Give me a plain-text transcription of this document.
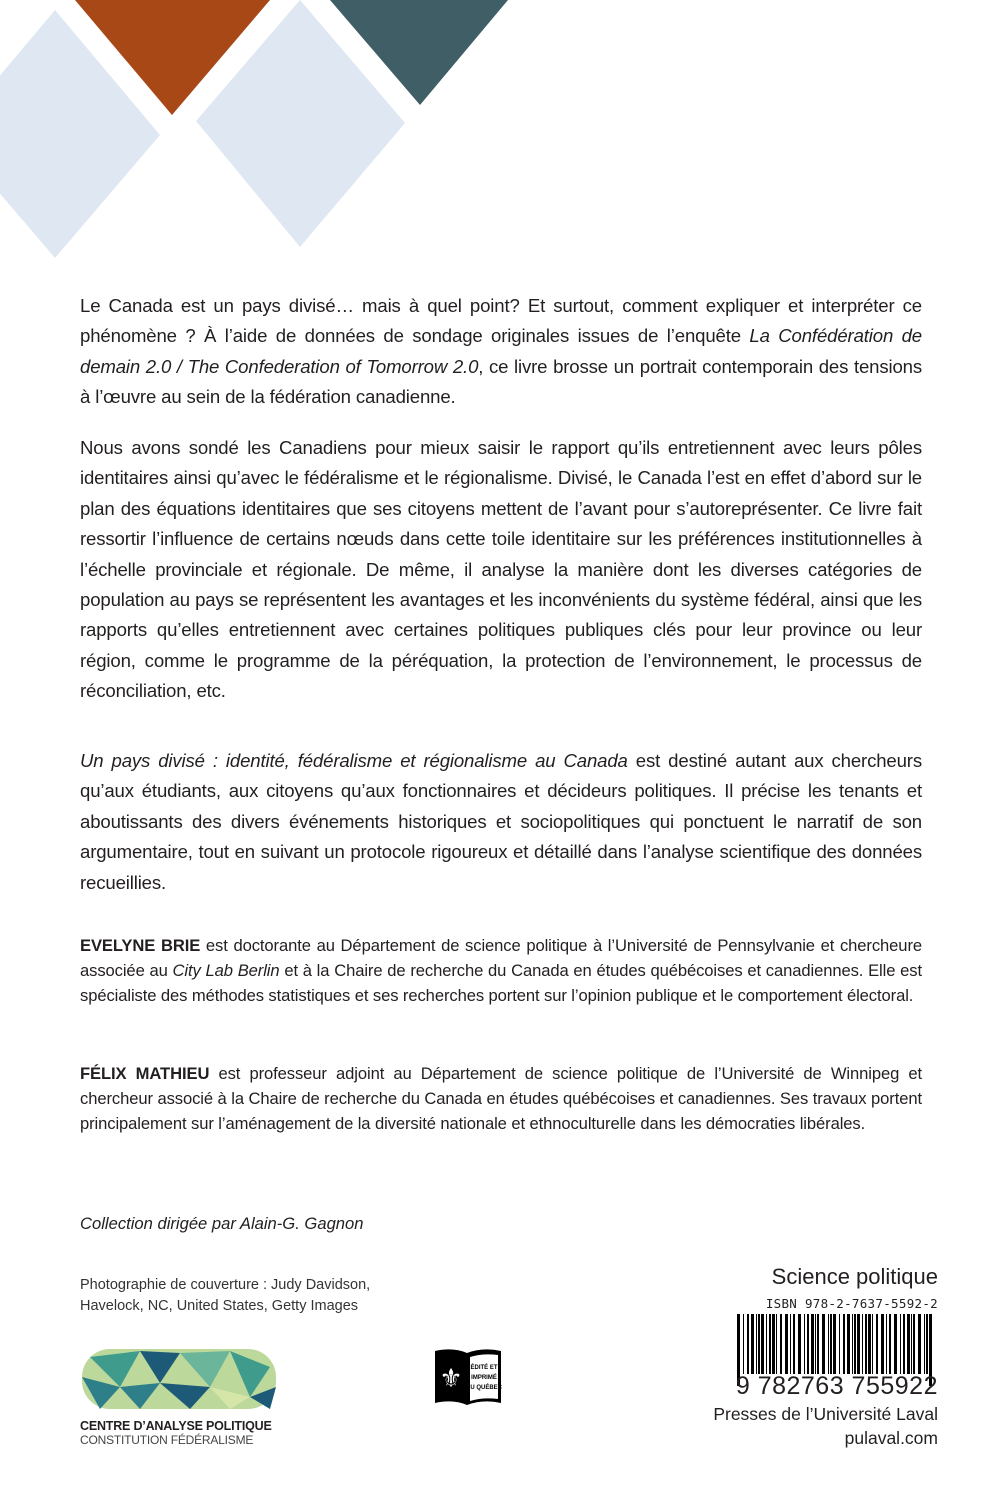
Le Canada est un pays divisé… mais à quel point? Et surtout, comment expliquer et interpréter ce phénomène ? À l’aide de données de sondage originales issues de l’enquête La Confédération de demain 2.0 / The Confederation of Tomorrow 2.0, ce livre brosse un portrait contemporain des tensions à l’œuvre au sein de la fédération canadienne.

Nous avons sondé les Canadiens pour mieux saisir le rapport qu’ils entretiennent avec leurs pôles identitaires ainsi qu’avec le fédéralisme et le régionalisme. Divisé, le Canada l’est en effet d’abord sur le plan des équations identitaires que ses citoyens mettent de l’avant pour s’autoreprésenter. Ce livre fait ressortir l’influence de certains nœuds dans cette toile identitaire sur les préférences institutionnelles à l’échelle provinciale et régionale. De même, il analyse la manière dont les diverses catégories de population au pays se représentent les avantages et les inconvénients du système fédéral, ainsi que les rapports qu’elles entretiennent avec certaines politiques publiques clés pour leur province ou leur région, comme le programme de la péréquation, la protection de l’environnement, le processus de réconciliation, etc.

Un pays divisé : identité, fédéralisme et régionalisme au Canada est destiné autant aux chercheurs qu’aux étudiants, aux citoyens qu’aux fonctionnaires et décideurs politiques. Il précise les tenants et aboutissants des divers événements historiques et sociopolitiques qui ponctuent le narratif de son argumentaire, tout en suivant un protocole rigoureux et détaillé dans l’analyse scientifique des données recueillies.

EVELYNE BRIE est doctorante au Département de science politique à l’Université de Pennsylvanie et chercheure associée au City Lab Berlin et à la Chaire de recherche du Canada en études québécoises et canadiennes. Elle est spécialiste des méthodes statistiques et ses recherches portent sur l’opinion publique et le comportement électoral.

FÉLIX MATHIEU est professeur adjoint au Département de science politique de l’Université de Winnipeg et chercheur associé à la Chaire de recherche du Canada en études québécoises et canadiennes. Ses travaux portent principalement sur l’aménagement de la diversité nationale et ethnoculturelle dans les démocraties libérales.

Collection dirigée par Alain-G. Gagnon
Photographie de couverture : Judy Davidson,
Havelock, NC, United States, Getty Images
CENTRE D’ANALYSE POLITIQUE
CONSTITUTION FÉDÉRALISME
⚜ ÉDITÉ ET
IMPRIMÉ
AU QUÉBEC
Science politique
ISBN 978-2-7637-5592-2
9 782763 755922
Presses de l’Université Laval
pulaval.com
